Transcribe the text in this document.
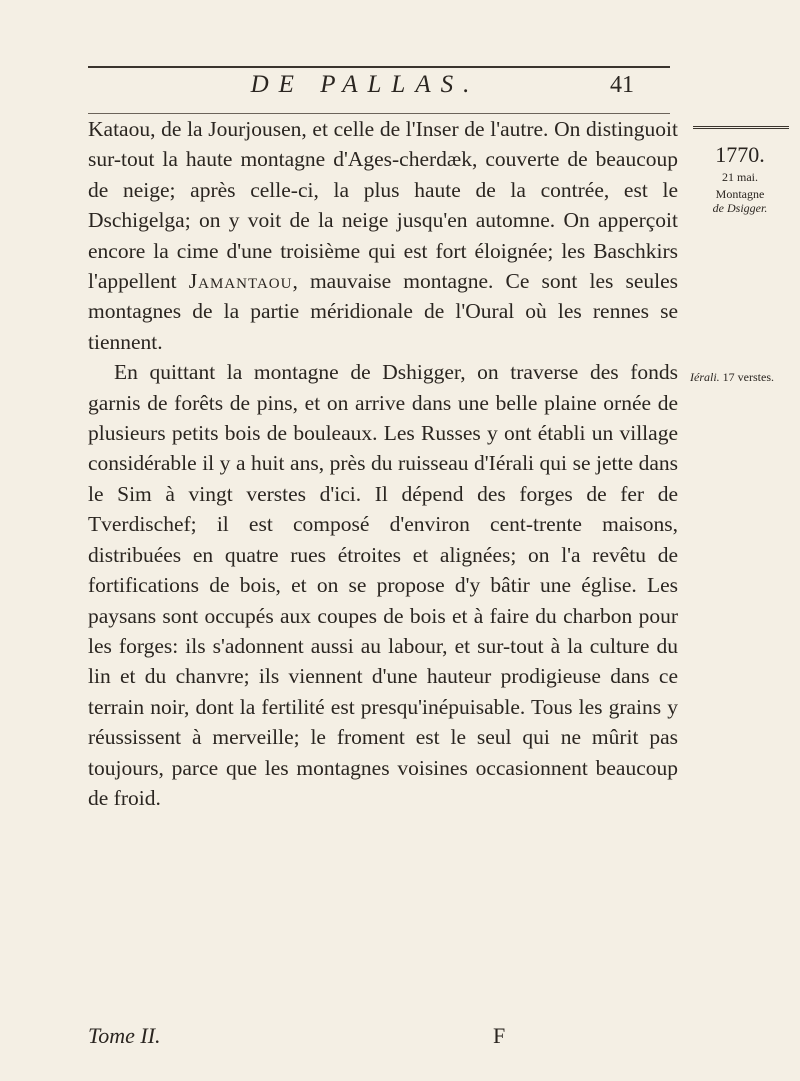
DE PALLAS.	41

Kataou, de la Jourjousen, et celle de l'Inser de l'autre. On distinguoit sur-tout la haute montagne d'Ages-cherdæk, couverte de beaucoup de neige; après celle-ci, la plus haute de la contrée, est le Dschigelga; on y voit de la neige jusqu'en automne. On apperçoit encore la cime d'une troisième qui est fort éloignée; les Baschkirs l'appellent Jamantaou, mauvaise montagne. Ce sont les seules montagnes de la partie méridionale de l'Oural où les rennes se tiennent.

En quittant la montagne de Dshigger, on traverse des fonds garnis de forêts de pins, et on arrive dans une belle plaine ornée de plusieurs petits bois de bouleaux. Les Russes y ont établi un village considérable il y a huit ans, près du ruisseau d'Iérali qui se jette dans le Sim à vingt verstes d'ici. Il dépend des forges de fer de Tverdischef; il est composé d'environ cent-trente maisons, distribuées en quatre rues étroites et alignées; on l'a revêtu de fortifications de bois, et on se propose d'y bâtir une église. Les paysans sont occupés aux coupes de bois et à faire du charbon pour les forges: ils s'adonnent aussi au labour, et sur-tout à la culture du lin et du chanvre; ils viennent d'une hauteur prodigieuse dans ce terrain noir, dont la fertilité est presqu'inépuisable. Tous les grains y réussissent à merveille; le froment est le seul qui ne mûrit pas toujours, parce que les montagnes voisines occasionnent beaucoup de froid.

1770.
21 mai.
Montagne
de Dsigger.
Iérali. 17 verstes.
Tome II.	F
